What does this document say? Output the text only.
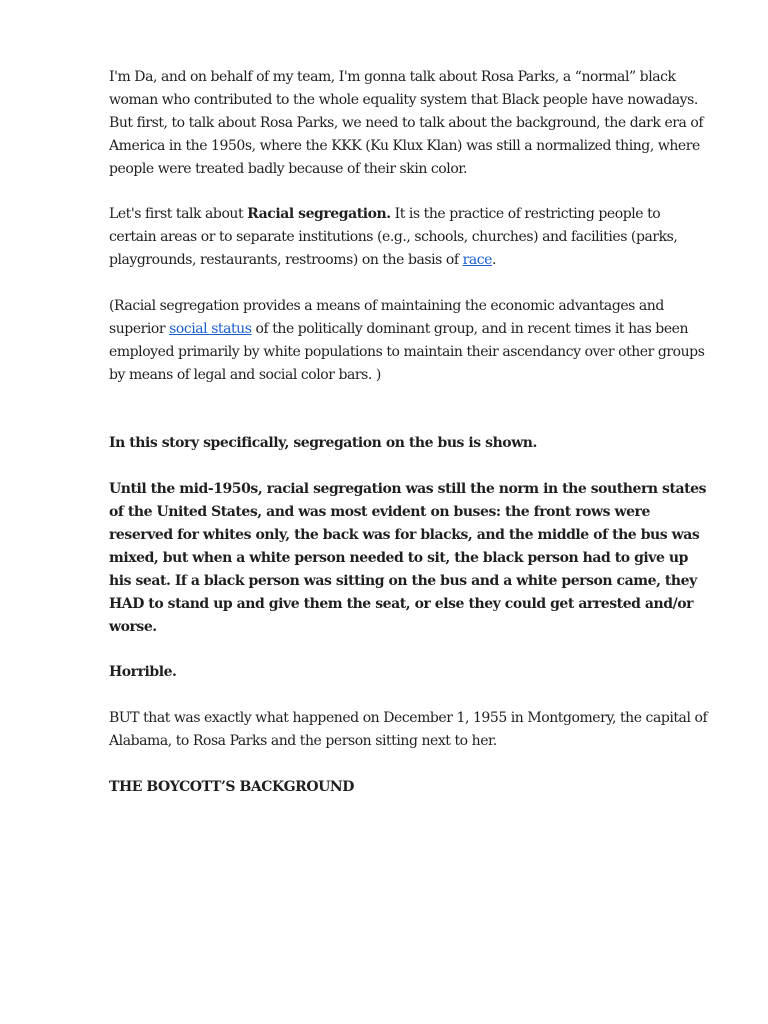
I'm Da, and on behalf of my team, I'm gonna talk about Rosa Parks, a “normal” black woman who contributed to the whole equality system that Black people have nowadays.

But first, to talk about Rosa Parks, we need to talk about the background, the dark era of America in the 1950s, where the KKK (Ku Klux Klan) was still a normalized thing, where people were treated badly because of their skin color.

Let's first talk about Racial segregation. It is the practice of restricting people to certain areas or to separate institutions (e.g., schools, churches) and facilities (parks, playgrounds, restaurants, restrooms) on the basis of race.

(Racial segregation provides a means of maintaining the economic advantages and superior social status of the politically dominant group, and in recent times it has been employed primarily by white populations to maintain their ascendancy over other groups by means of legal and social color bars. )

In this story specifically, segregation on the bus is shown.

Until the mid-1950s, racial segregation was still the norm in the southern states of the United States, and was most evident on buses: the front rows were reserved for whites only, the back was for blacks, and the middle of the bus was mixed, but when a white person needed to sit, the black person had to give up his seat. If a black person was sitting on the bus and a white person came, they HAD to stand up and give them the seat, or else they could get arrested and/or worse.

Horrible.

BUT that was exactly what happened on December 1, 1955 in Montgomery, the capital of Alabama, to Rosa Parks and the person sitting next to her.

THE BOYCOTT’S BACKGROUND
